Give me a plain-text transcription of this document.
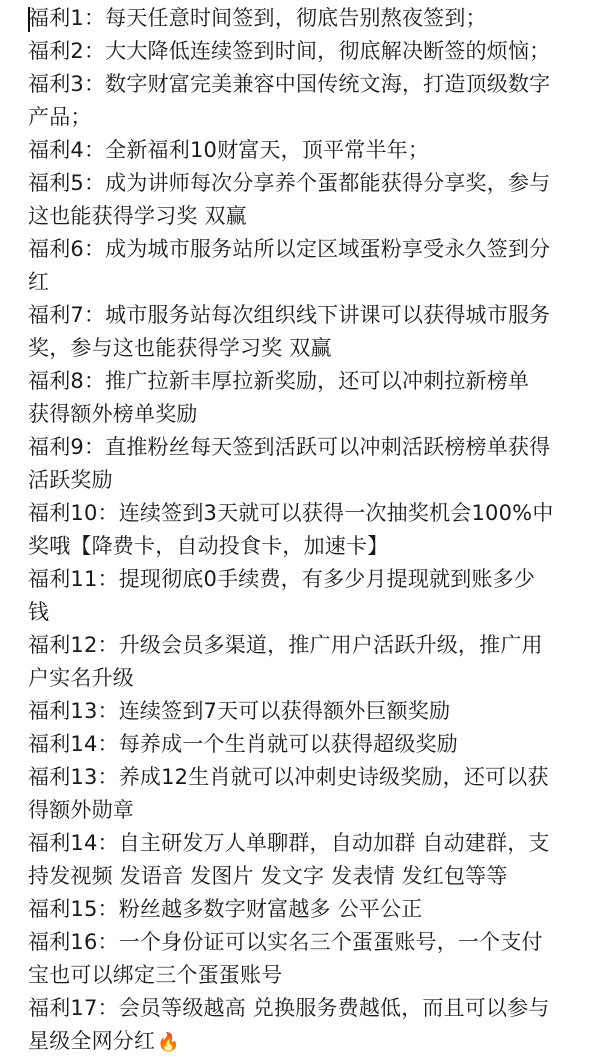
福利1：每天任意时间签到，彻底告别熬夜签到；
福利2：大大降低连续签到时间，彻底解决断签的烦恼；
福利3：数字财富完美兼容中国传统文海，打造顶级数字
产品；
福利4：全新福利10财富天，顶平常半年；
福利5：成为讲师每次分享养个蛋都能获得分享奖，参与
这也能获得学习奖 双赢
福利6：成为城市服务站所以定区域蛋粉享受永久签到分
红
福利7：城市服务站每次组织线下讲课可以获得城市服务
奖，参与这也能获得学习奖 双赢
福利8：推广拉新丰厚拉新奖励，还可以冲刺拉新榜单
获得额外榜单奖励
福利9：直推粉丝每天签到活跃可以冲刺活跃榜榜单获得
活跃奖励
福利10：连续签到3天就可以获得一次抽奖机会100%中
奖哦【降费卡，自动投食卡，加速卡】
福利11：提现彻底0手续费，有多少月提现就到账多少
钱
福利12：升级会员多渠道，推广用户活跃升级，推广用
户实名升级
福利13：连续签到7天可以获得额外巨额奖励
福利14：每养成一个生肖就可以获得超级奖励
福利13：养成12生肖就可以冲刺史诗级奖励，还可以获
得额外勋章
福利14：自主研发万人单聊群，自动加群 自动建群，支
持发视频 发语音 发图片 发文字 发表情 发红包等等
福利15：粉丝越多数字财富越多 公平公正
福利16：一个身份证可以实名三个蛋蛋账号，一个支付
宝也可以绑定三个蛋蛋账号
福利17：会员等级越高 兑换服务费越低，而且可以参与
星级全网分红 🔥
